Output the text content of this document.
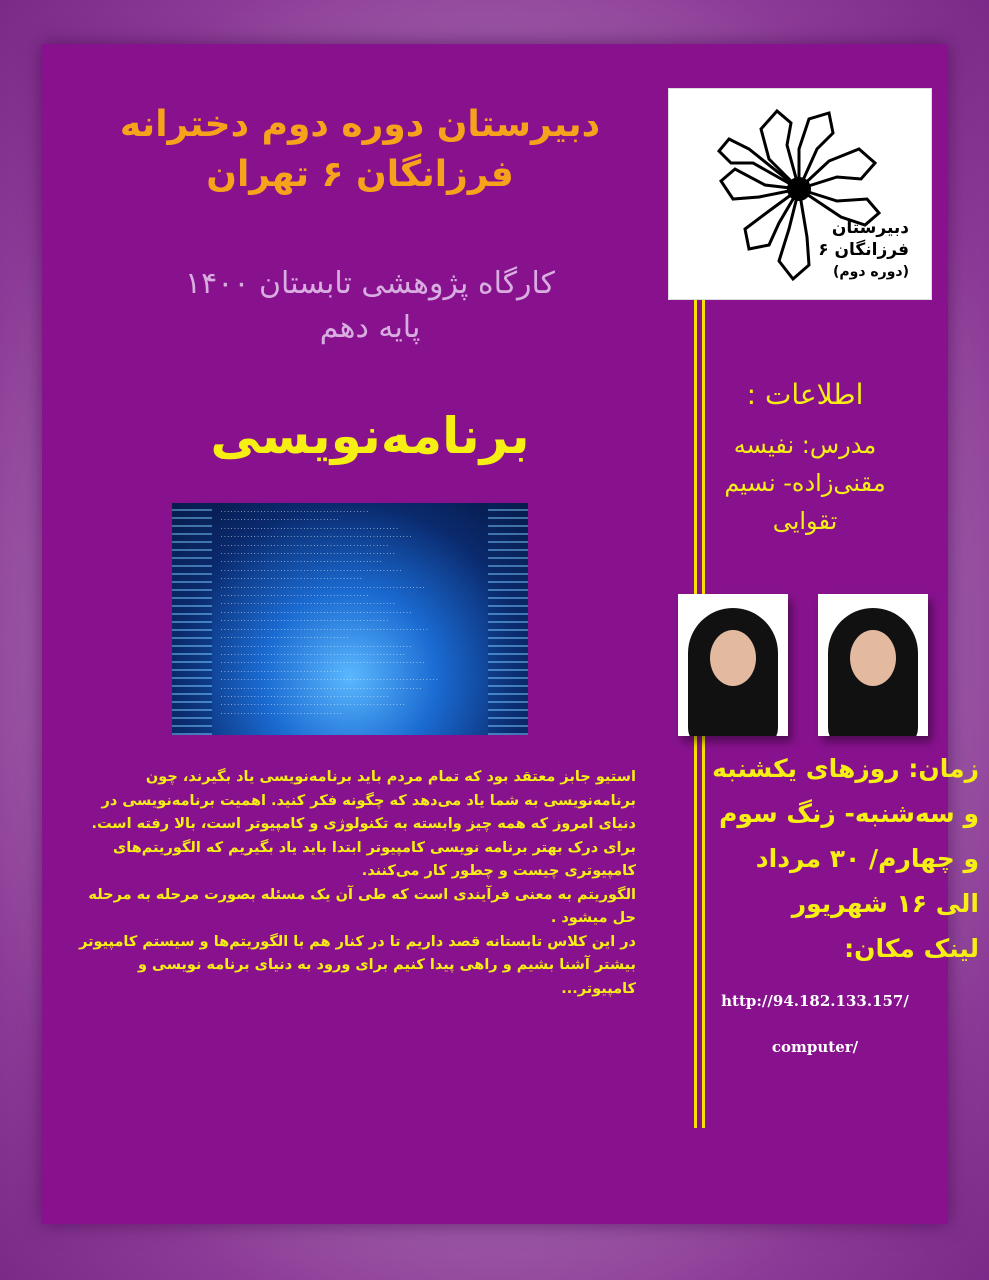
دبیرستان
فرزانگان ۶
(دوره دوم)
دبیرستان دوره دوم دخترانه
فرزانگان ۶ تهران
کارگاه پژوهشی تابستان ۱۴۰۰
پایه دهم
برنامه‌نویسی
.............................................
....................................
......................................................
..........................................................
...................................................
.....................................................
.................................................
.......................................................
...........................................
..............................................................
.............................................
.....................................................
..........................................................
...................................................
...............................................................
.......................................
..........................................................
........................................................
..............................................................
.....................................
..................................................................
.............................................................
...................................................
........................................................
.....................................

استیو جابز معتقد بود که تمام مردم باید برنامه‌نویسی یاد بگیرند، چون برنامه‌نویسی به شما یاد می‌دهد که چگونه فکر کنید. اهمیت برنامه‌نویسی در دنیای امروز که همه چیز وابسته به تکنولوژی و کامپیوتر است، بالا رفته است.

برای درک بهتر برنامه نویسی کامپیوتر ابتدا باید یاد بگیریم که الگوریتم‌های کامپیوتری چیست و چطور کار می‌کنند.

الگوریتم به معنی فرآیندی است که طی آن یک مسئله بصورت مرحله به مرحله حل میشود .

در این کلاس تابستانه قصد داریم تا در کنار هم با الگوریتم‌ها و سیستم کامپیوتر بیشتر آشنا بشیم و راهی پیدا کنیم برای ورود به دنیای برنامه نویسی و کامپیوتر...

اطلاعات :
مدرس: نفیسه
مقنی‌زاده- نسیم
تقوایی

زمان: روزهای یکشنبه

و سه‌شنبه- زنگ سوم

و چهارم/ ۳۰ مرداد

الی ۱۶ شهریور

لینک مکان:

http://94.182.133.157/
computer/
